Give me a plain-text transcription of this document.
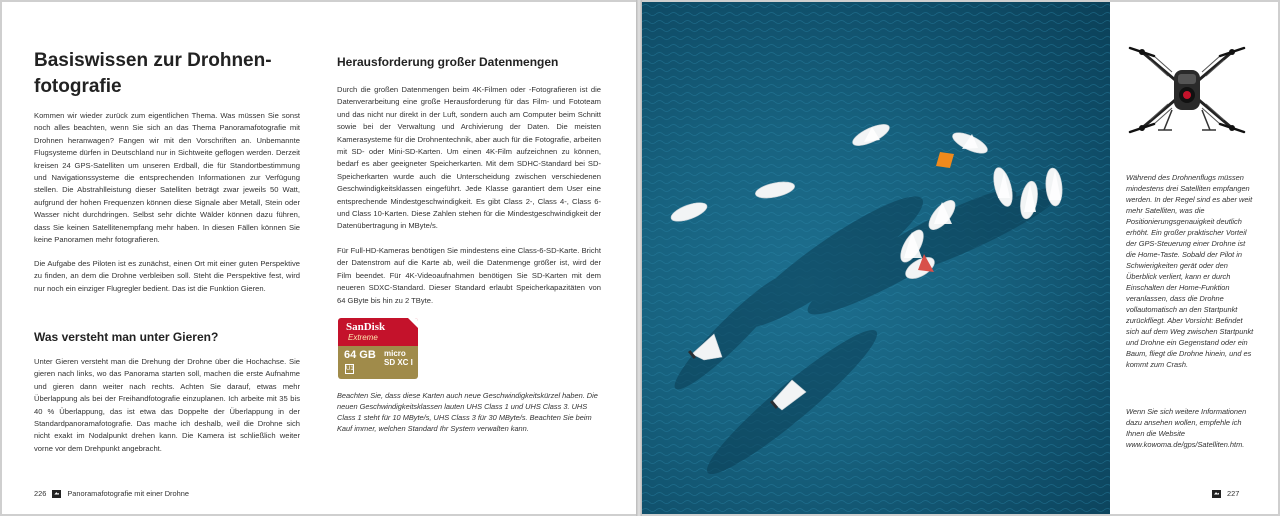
Basiswissen zur Drohnen-fotografie

Kommen wir wieder zurück zum eigentlichen Thema. Was müssen Sie sonst noch alles beachten, wenn Sie sich an das Thema Panoramafotografie mit Drohnen heranwagen? Fangen wir mit den Vorschriften an. Unbemannte Flugsysteme dürfen in Deutschland nur in Sichtweite geflogen werden. Derzeit kreisen 24 GPS-Satelliten um unseren Erdball, die für Standortbestimmung und Navigationssysteme die entsprechenden Informationen zur Verfügung stellen. Die Abstrahlleistung dieser Satelliten beträgt zwar jeweils 50 Watt, aufgrund der hohen Frequenzen können diese Signale aber Metall, Stein oder Wasser nicht durchdringen. Selbst sehr dichte Wälder können dazu führen, dass Sie keinen Satellitenempfang mehr haben. In diesen Fällen können Sie keine Panoramen mehr fotografieren.

Die Aufgabe des Piloten ist es zunächst, einen Ort mit einer guten Perspektive zu finden, an dem die Drohne verbleiben soll. Steht die Perspektive fest, wird nur noch ein einziger Flugregler bedient. Das ist die Funktion Gieren.

Was versteht man unter Gieren?

Unter Gieren versteht man die Drehung der Drohne über die Hochachse. Sie gieren nach links, wo das Panorama starten soll, machen die erste Aufnahme und gieren dann weiter nach rechts. Achten Sie darauf, etwas mehr Überlappung als bei der Freihandfotografie einzuplanen. Ich arbeite mit 35 bis 40 % Überlappung, das ist etwa das Doppelte der Überlappung in der Standardpanoramafotografie. Das mache ich deshalb, weil die Drohne sich nicht exakt im Nodalpunkt drehen kann. Die Kamera ist schließlich weiter vorne vor dem Drehpunkt angebracht.

Herausforderung großer Datenmengen

Durch die großen Datenmengen beim 4K-Filmen oder -Fotografieren ist die Datenverarbeitung eine große Herausforderung für das Film- und Fototeam und das nicht nur direkt in der Luft, sondern auch am Computer beim Schnitt sowie bei der Verwaltung und Archivierung der Daten. Die meisten Kamerasysteme für die Drohnentechnik, aber auch für die Fotografie, arbeiten mit SD- oder Mini-SD-Karten. Um einen 4K-Film aufzeichnen zu können, bedarf es aber geeigneter Speicherkarten. Mit dem SDHC-Standard bei SD-Speicherkarten wurde auch die Unterscheidung zwischen verschiedenen Geschwindigkeitsklassen eingeführt. Jede Klasse garantiert dem User eine entsprechende Mindestgeschwindigkeit. Es gibt Class 2-, Class 4-, Class 6- und Class 10-Karten. Diese Zahlen stehen für die Mindestgeschwindigkeit der Datenübertragung in MByte/s.

Für Full-HD-Kameras benötigen Sie mindestens eine Class-6-SD-Karte. Bricht der Datenstrom auf die Karte ab, weil die Datenmenge größer ist, wird der Film beendet. Für 4K-Videoaufnahmen benötigen Sie SD-Karten mit dem neueren SDXC-Standard. Dieser Standard erlaubt Speicherkapazitäten von 64 GByte bis hin zu 2 TByte.

SanDisk
Extreme
64 GB micro SD XC I
U1

Beachten Sie, dass diese Karten auch neue Geschwindigkeitskürzel haben. Die neuen Geschwindigkeitsklassen lauten UHS Class 1 und UHS Class 3. UHS Class 1 steht für 10 MByte/s, UHS Class 3 für 30 MByte/s. Beachten Sie beim Kauf immer, welchen Standard Ihr System verwalten kann.

226	Panoramafotografie mit einer Drohne

Während des Drohnenflugs müssen mindestens drei Satelliten empfangen werden. In der Regel sind es aber weit mehr Satelliten, was die Positionierungsgenauigkeit deutlich erhöht. Ein großer praktischer Vorteil der GPS-Steuerung einer Drohne ist die Home-Taste. Sobald der Pilot in Schwierigkeiten gerät oder den Überblick verliert, kann er durch Einschalten der Home-Funktion veranlassen, dass die Drohne vollautomatisch an den Startpunkt zurückfliegt. Aber Vorsicht: Befindet sich auf dem Weg zwischen Startpunkt und Drohne ein Gegenstand oder ein Baum, fliegt die Drohne hinein, und es kommt zum Crash.

Wenn Sie sich weitere Informationen dazu ansehen wollen, empfehle ich Ihnen die Website www.kowoma.de/gps/Satelliten.htm.

227
